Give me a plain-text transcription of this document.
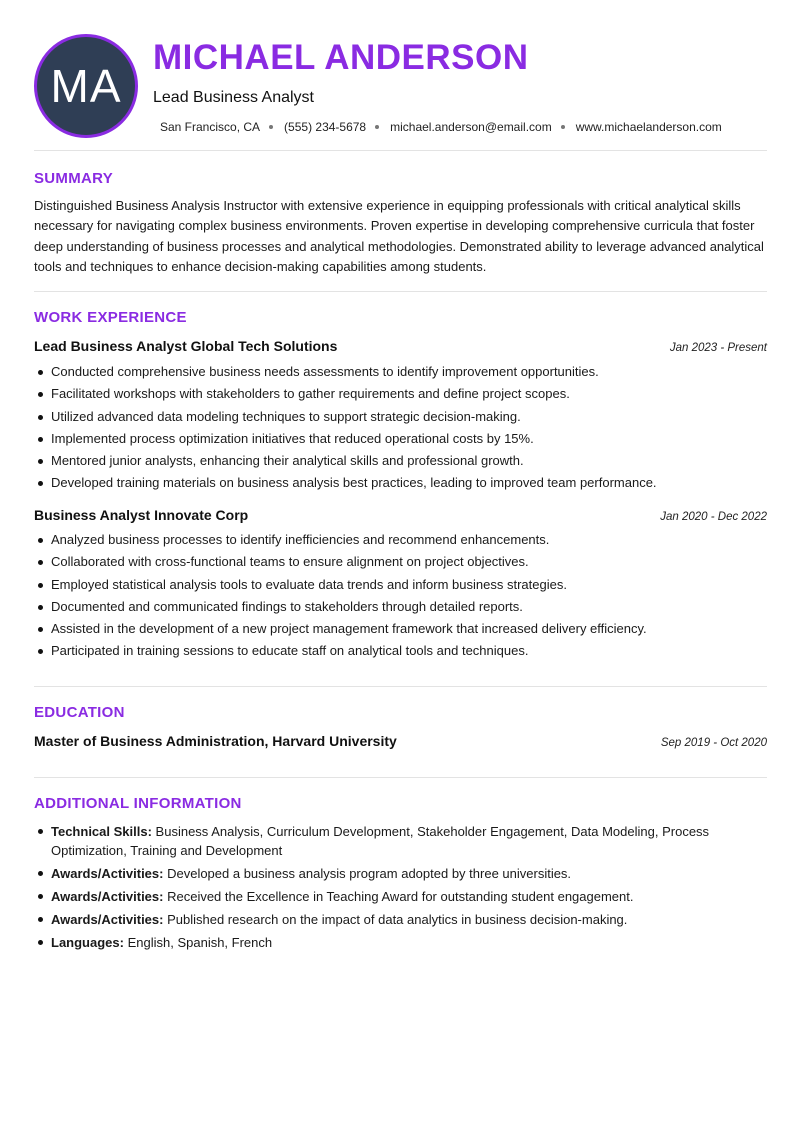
MA
MICHAEL ANDERSON
Lead Business Analyst
San Francisco, CA (555) 234-5678 michael.anderson@email.com www.michaelanderson.com
SUMMARY

Distinguished Business Analysis Instructor with extensive experience in equipping professionals with critical analytical skills necessary for navigating complex business environments. Proven expertise in developing comprehensive curricula that foster deep understanding of business processes and analytical methodologies. Demonstrated ability to leverage advanced analytical tools and techniques to enhance decision-making capabilities among students.

WORK EXPERIENCE
Lead Business Analyst Global Tech Solutions	Jan 2023 - Present
Conducted comprehensive business needs assessments to identify improvement opportunities.
Facilitated workshops with stakeholders to gather requirements and define project scopes.
Utilized advanced data modeling techniques to support strategic decision-making.
Implemented process optimization initiatives that reduced operational costs by 15%.
Mentored junior analysts, enhancing their analytical skills and professional growth.
Developed training materials on business analysis best practices, leading to improved team performance.
Business Analyst Innovate Corp	Jan 2020 - Dec 2022
Analyzed business processes to identify inefficiencies and recommend enhancements.
Collaborated with cross-functional teams to ensure alignment on project objectives.
Employed statistical analysis tools to evaluate data trends and inform business strategies.
Documented and communicated findings to stakeholders through detailed reports.
Assisted in the development of a new project management framework that increased delivery efficiency.
Participated in training sessions to educate staff on analytical tools and techniques.
EDUCATION
Master of Business Administration, Harvard University	Sep 2019 - Oct 2020
ADDITIONAL INFORMATION
Technical Skills: Business Analysis, Curriculum Development, Stakeholder Engagement, Data Modeling, Process Optimization, Training and Development
Awards/Activities: Developed a business analysis program adopted by three universities.
Awards/Activities: Received the Excellence in Teaching Award for outstanding student engagement.
Awards/Activities: Published research on the impact of data analytics in business decision-making.
Languages: English, Spanish, French
